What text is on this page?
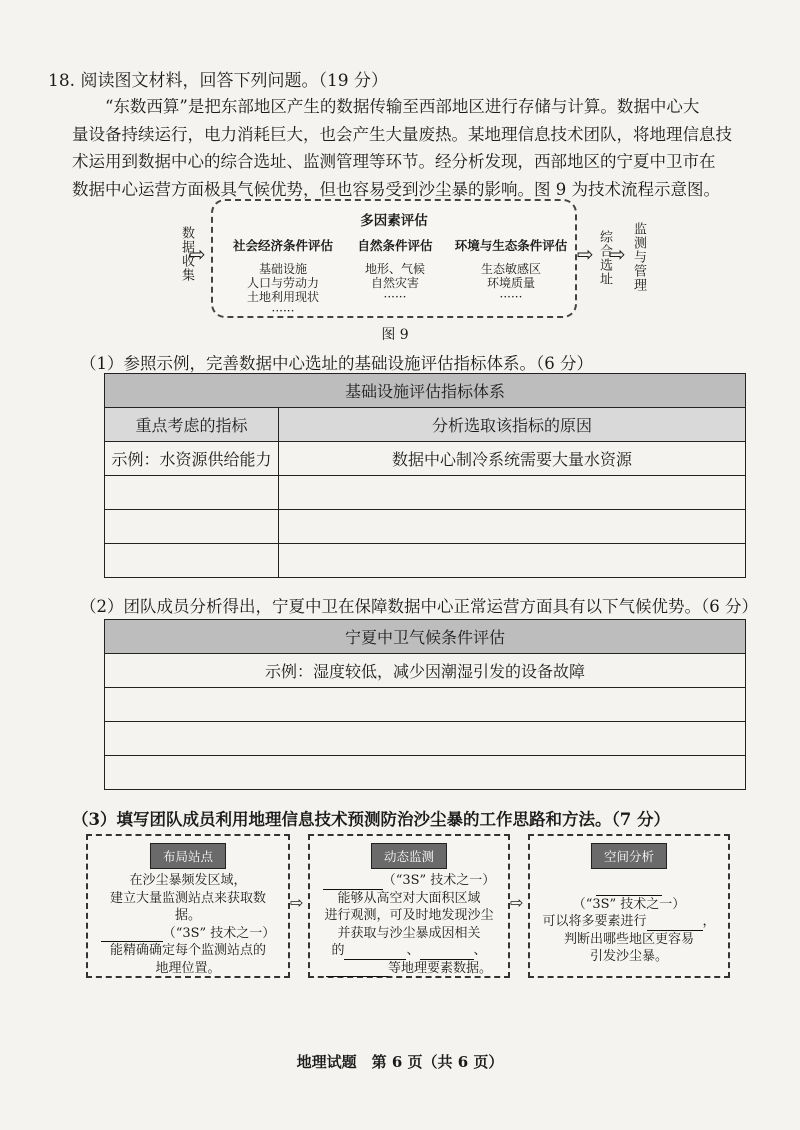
18. 阅读图文材料，回答下列问题。（19 分）
“东数西算”是把东部地区产生的数据传输至西部地区进行存储与计算。数据中心大
量设备持续运行，电力消耗巨大，也会产生大量废热。某地理信息技术团队，将地理信息技
术运用到数据中心的综合选址、监测管理等环节。经分析发现，西部地区的宁夏中卫市在
数据中心运营方面极具气候优势，但也容易受到沙尘暴的影响。图 9 为技术流程示意图。
数据收集
⇨
多因素评估
社会经济条件评估
基础设施
人口与劳动力
土地利用现状
······
自然条件评估
地形、气候
自然灾害
······
环境与生态条件评估
生态敏感区
环境质量
······
⇨ 综合选址
⇨ 监测与管理
图 9
（1）参照示例，完善数据中心选址的基础设施评估指标体系。（6 分）
基础设施评估指标体系	
重点考虑的指标	分析选取该指标的原因
示例：水资源供给能力	数据中心制冷系统需要大量水资源

（2）团队成员分析得出，宁夏中卫在保障数据中心正常运营方面具有以下气候优势。（6 分）
宁夏中卫气候条件评估
示例：湿度较低，减少因潮湿引发的设备故障

（3）填写团队成员利用地理信息技术预测防治沙尘暴的工作思路和方法。（7 分）
布局站点
在沙尘暴频发区域，
建立大量监测站点来获取数据。
（“3S” 技术之一）
能精确确定每个监测站点的
地理位置。
⇨
动态监测
（“3S” 技术之一）
能够从高空对大面积区域
进行观测，可及时地发现沙尘
并获取与沙尘暴成因相关
的	、	、
等地理要素数据。
⇨
空间分析
（“3S” 技术之一）
可以将多要素进行	，
判断出哪些地区更容易
引发沙尘暴。
地理试题　第 6 页（共 6 页）
